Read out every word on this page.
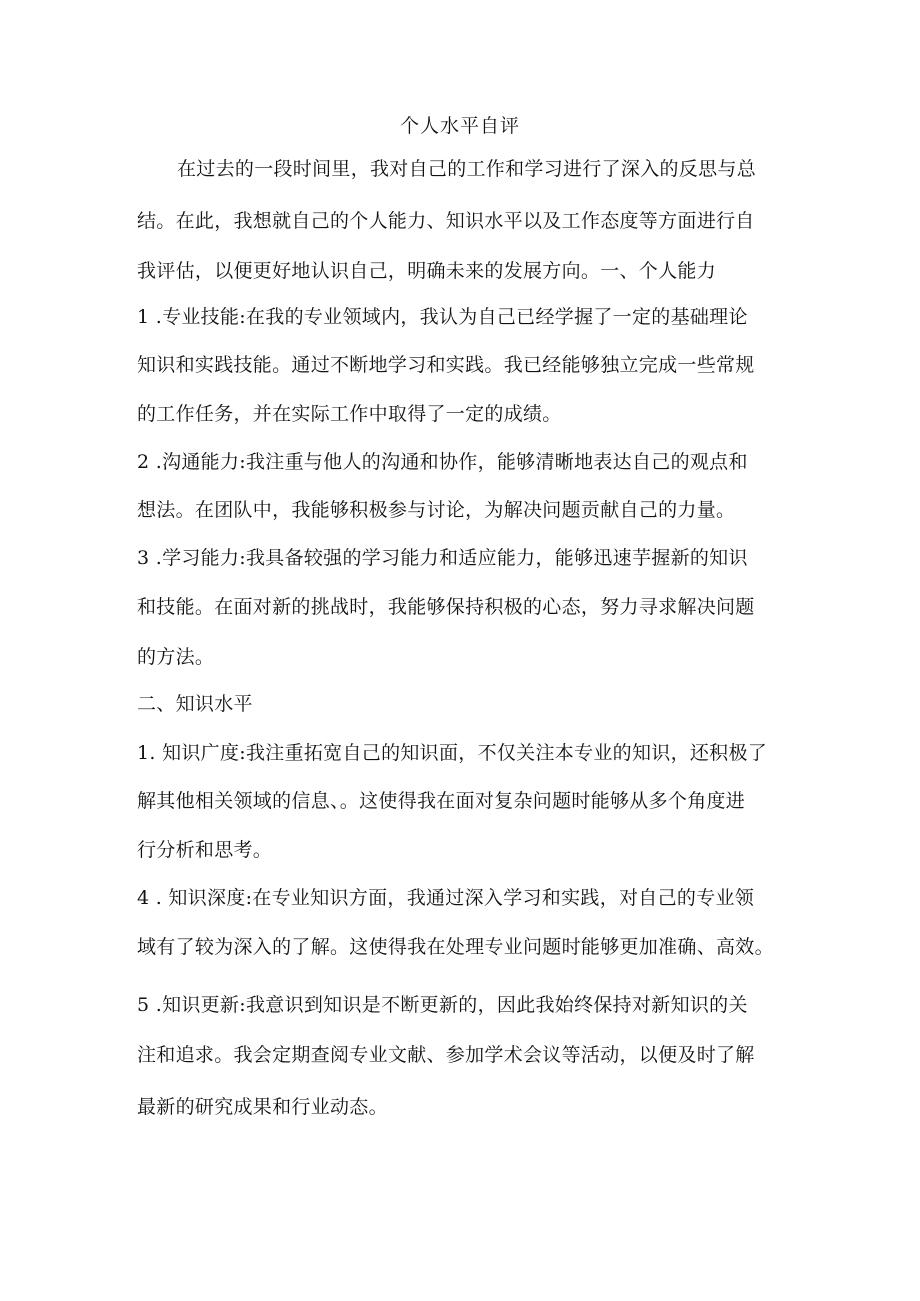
个人水平自评
在过去的一段时间里，我对自己的工作和学习进行了深入的反思与总
结。在此，我想就自己的个人能力、知识水平以及工作态度等方面进行自
我评估，以便更好地认识自己，明确未来的发展方向。一、个人能力
1 .专业技能:在我的专业领域内，我认为自己已经学握了一定的基础理论
知识和实践技能。通过不断地学习和实践。我已经能够独立完成一些常规
的工作任务，并在实际工作中取得了一定的成绩。
2 .沟通能力:我注重与他人的沟通和协作，能够清晰地表达自己的观点和
想法。在团队中，我能够积极参与讨论，为解决问题贡献自己的力量。
3 .学习能力:我具备较强的学习能力和适应能力，能够迅速芋握新的知识
和技能。在面对新的挑战时，我能够保持积极的心态，努力寻求解决问题
的方法。
二、知识水平
1. 知识广度:我注重拓宽自己的知识面，不仅关注本专业的知识，还积极了
解其他相关领域的信息、。这使得我在面对复杂问题时能够从多个角度进
行分析和思考。
4 . 知识深度:在专业知识方面，我通过深入学习和实践，对自己的专业领
域有了较为深入的了解。这使得我在处理专业问题时能够更加准确、高效。
5 .知识更新:我意识到知识是不断更新的，因此我始终保持对新知识的关
注和追求。我会定期查阅专业文献、参加学术会议等活动，以便及时了解
最新的研究成果和行业动态。
